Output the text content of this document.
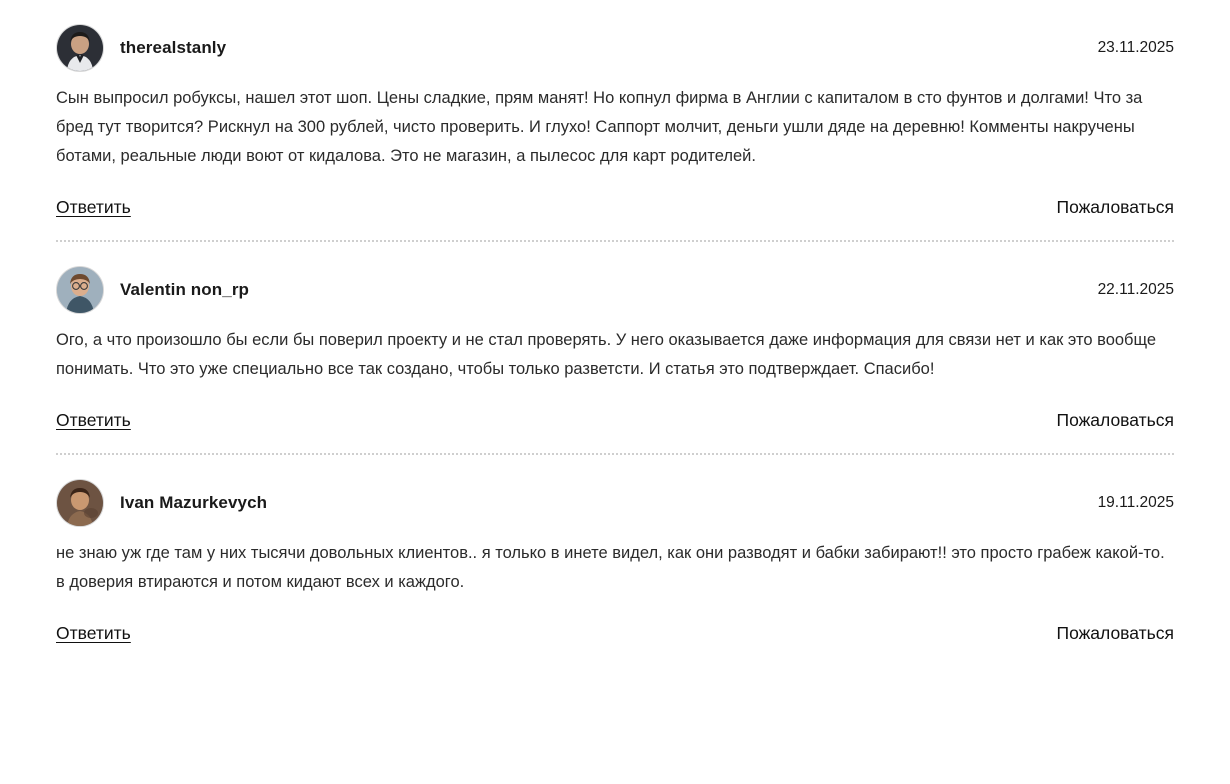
therealstanly	23.11.2025
Сын выпросил робуксы, нашел этот шоп. Цены сладкие, прям манят! Но копнул фирма в Англии с капиталом в сто фунтов и долгами! Что за бред тут творится? Рискнул на 300 рублей, чисто проверить. И глухо! Саппорт молчит, деньги ушли дяде на деревню! Комменты накручены ботами, реальные люди воют от кидалова. Это не магазин, а пылесос для карт родителей.
Ответить	Пожаловаться
Valentin non_rp	22.11.2025
Ого, а что произошло бы если бы поверил проекту и не стал проверять. У него оказывается даже информация для связи нет и как это вообще понимать. Что это уже специально все так создано, чтобы только разветсти. И статья это подтверждает. Спасибо!
Ответить	Пожаловаться
Ivan Mazurkevych	19.11.2025
не знаю уж где там у них тысячи довольных клиентов.. я только в инете видел, как они разводят и бабки забирают!! это просто грабеж какой-то. в доверия втираются и потом кидают всех и каждого.
Ответить	Пожаловаться
